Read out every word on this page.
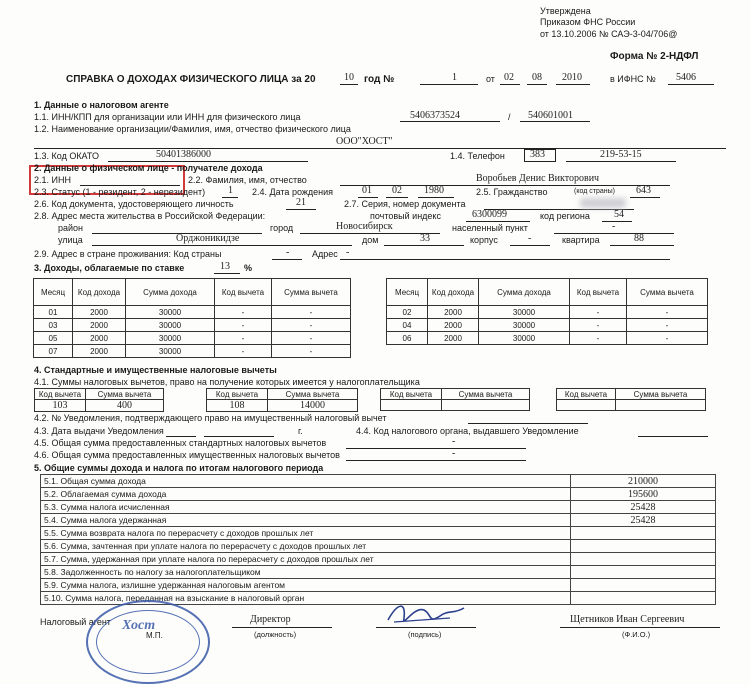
Утверждена
Приказом ФНС России
от 13.10.2006 № САЭ-3-04/706@
Форма № 2-НДФЛ
СПРАВКА О ДОХОДАХ ФИЗИЧЕСКОГО ЛИЦА за 20	10 год №	1	от 02 08 2010	в ИФНС № 5406
1. Данные о налоговом агенте
1.1. ИНН/КПП для организации или ИНН для физического лица	5406373524	/ 540601001
1.2. Наименование организации/Фамилия, имя, отчество физического лица
ООО"ХОСТ"
1.3. Код ОКАТО	50401386000	1.4. Телефон	383	219-53-15
2. Данные о физическом лице - получателе дохода
2.1. ИНН	2.2. Фамилия, имя, отчество	Воробьев Денис Викторович
2.3. Статус (1 - резидент, 2 - нерезидент) 1 2.4. Дата рождения	01 02 1980	2.5. Гражданство	(код страны) 643
2.6. Код документа, удостоверяющего личность	21	2.7. Серия, номер документа
2.8. Адрес места жительства в Российской Федерации:	почтовый индекс	6300099	код региона 54
район	город	Новосибирск	населенный пункт	-
улица	Орджоникидзе	дом	33	корпус	-	квартира	88
2.9. Адрес в стране проживания: Код страны	-	Адрес -
3. Доходы, облагаемые по ставке	13 %
Месяц	Код дохода	Сумма дохода	Код вычета	Сумма вычета
01	2000	30000	-	-
03	2000	30000	-	-
05	2000	30000	-	-
07	2000	30000	-	-
Месяц	Код дохода	Сумма дохода	Код вычета	Сумма вычета
02	2000	30000	-	-
04	2000	30000	-	-
06	2000	30000	-	-
4. Стандартные и имущественные налоговые вычеты
4.1. Суммы налоговых вычетов, право на получение которых имеется у налогоплательщика
Код вычета	Сумма вычета
103	400
Код вычета	Сумма вычета
108	14000
Код вычета	Сумма вычета
		Код вычета	Сумма вычета

4.2. № Уведомления, подтверждающего право на имущественный налоговый вычет
4.3. Дата выдачи Уведомления	г.	4.4. Код налогового органа, выдавшего Уведомление
4.5. Общая сумма предоставленных стандартных налоговых вычетов	-
4.6. Общая сумма предоставленных имущественных налоговых вычетов	-
5. Общие суммы дохода и налога по итогам налогового периода
5.1. Общая сумма дохода	210000
5.2. Облагаемая сумма дохода	195600
5.3. Сумма налога исчисленная	25428
5.4. Сумма налога удержанная	25428
5.5. Сумма возврата налога по перерасчету с доходов прошлых лет	
5.6. Сумма, зачтенная при уплате налога по перерасчету с доходов прошлых лет	
5.7. Сумма, удержанная при уплате налога по перерасчету с доходов прошлых лет	
5.8. Задолженность по налогу за налогоплательщиком	
5.9. Сумма налога, излишне удержанная налоговым агентом	
5.10. Сумма налога, переданная на взыскание в налоговый орган	
Налоговый агент
М.П.
Директор
(должность)	(подпись)
Щетников Иван Сергеевич
(Ф.И.О.)
Хост
